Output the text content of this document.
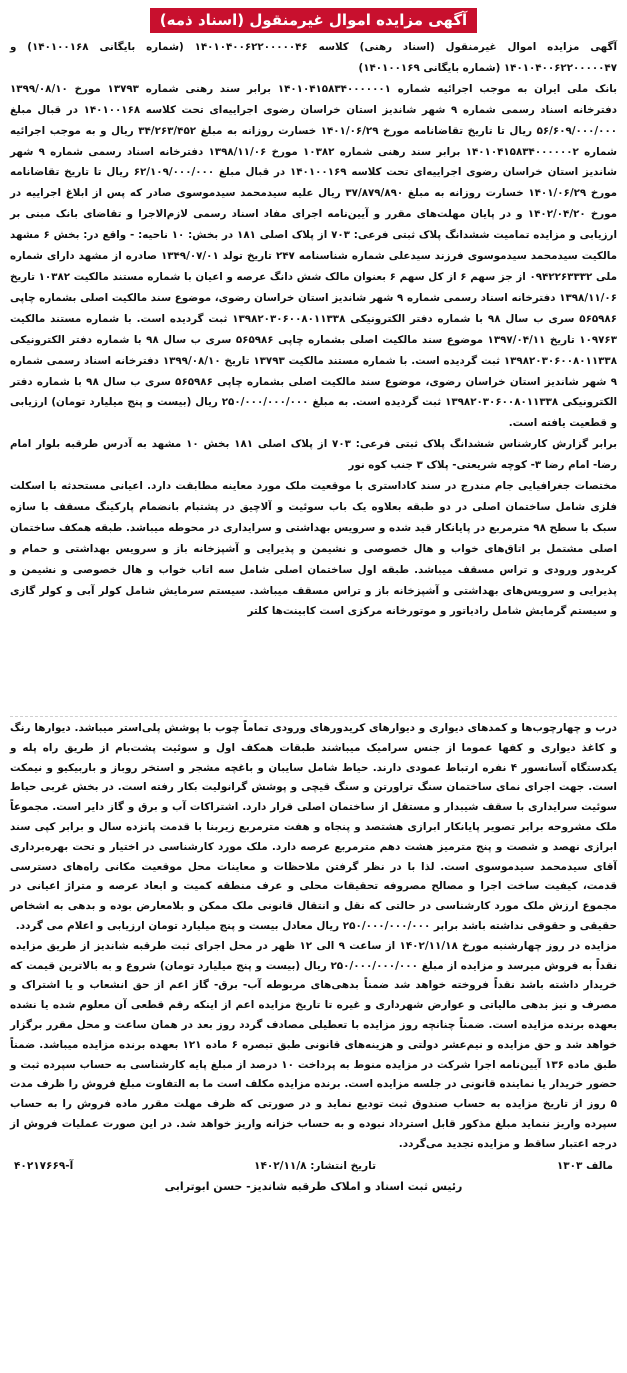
آگهی مزایده اموال غیرمنقول (اسناد ذمه)

آگهی مزایده اموال غیرمنقول (اسناد رهنی) کلاسه ۱۴۰۱۰۴۰۰۶۲۲۰۰۰۰۰۴۶ (شماره بایگانی ۱۴۰۱۰۰۱۶۸) و ۱۴۰۱۰۴۰۰۶۲۲۰۰۰۰۰۴۷ (شماره بایگانی ۱۴۰۱۰۰۱۶۹)

بانک ملی ایران به موجب اجرائیه شماره ۱۴۰۱۰۴۱۵۸۳۴۰۰۰۰۰۰۱ برابر سند رهنی شماره ۱۳۷۹۳ مورخ ۱۳۹۹/۰۸/۱۰ دفترخانه اسناد رسمی شماره ۹ شهر شاندیز استان خراسان رضوی اجراییه‌ای تحت کلاسه ۱۴۰۱۰۰۱۶۸ در قبال مبلغ ۵۶/۶۰۹/۰۰۰/۰۰۰ ریال تا تاریخ تقاضانامه مورخ ۱۴۰۱/۰۶/۲۹ خسارت روزانه به مبلغ ۳۴/۲۶۳/۴۵۲ ریال و به موجب اجرائیه شماره ۱۴۰۱۰۴۱۵۸۳۴۰۰۰۰۰۰۲ برابر سند رهنی شماره ۱۰۳۸۲ مورخ ۱۳۹۸/۱۱/۰۶ دفترخانه اسناد رسمی شماره ۹ شهر شاندیز استان خراسان رضوی اجراییه‌ای تحت کلاسه ۱۴۰۱۰۰۱۶۹ در قبال مبلغ ۶۲/۱۰۹/۰۰۰/۰۰۰ ریال تا تاریخ تقاضانامه مورخ ۱۴۰۱/۰۶/۲۹ خسارت روزانه به مبلغ ۳۷/۸۷۹/۸۹۰ ریال علیه سیدمحمد سیدموسوی صادر که پس از ابلاغ اجراییه در مورخ ۱۴۰۲/۰۴/۲۰ و در پایان مهلت‌های مقرر و آیین‌نامه اجرای مفاد اسناد رسمی لازم‌الاجرا و تقاضای بانک مبنی بر ارزیابی و مزایده تمامیت ششدانگ پلاک ثبتی فرعی: ۷۰۳ از پلاک اصلی ۱۸۱ در بخش: ۱۰ ناحیه: - واقع در: بخش ۶ مشهد مالکیت سیدمحمد سیدموسوی فرزند سیدعلی شماره شناسنامه ۲۴۷ تاریخ تولد ۱۳۴۹/۰۷/۰۱ صادره از مشهد دارای شماره ملی ۰۹۴۲۲۶۳۳۳۲ از جز سهم ۶ از کل سهم ۶ بعنوان مالک شش دانگ عرصه و اعیان با شماره مستند مالکیت ۱۰۳۸۲ تاریخ ۱۳۹۸/۱۱/۰۶ دفترخانه اسناد رسمی شماره ۹ شهر شاندیز استان خراسان رضوی، موضوع سند مالکیت اصلی بشماره چاپی ۵۶۵۹۸۶ سری ب سال ۹۸ با شماره دفتر الکترونیکی ۱۳۹۸۲۰۳۰۶۰۰۸۰۱۱۳۳۸ ثبت گردیده است. با شماره مستند مالکیت ۱۰۹۷۶۳ تاریخ ۱۳۹۷/۰۴/۱۱ موضوع سند مالکیت اصلی بشماره چاپی ۵۶۵۹۸۶ سری ب سال ۹۸ با شماره دفتر الکترونیکی ۱۳۹۸۲۰۳۰۶۰۰۸۰۱۱۳۳۸ ثبت گردیده است. با شماره مستند مالکیت ۱۳۷۹۳ تاریخ ۱۳۹۹/۰۸/۱۰ دفترخانه اسناد رسمی شماره ۹ شهر شاندیز استان خراسان رضوی، موضوع سند مالکیت اصلی بشماره چاپی ۵۶۵۹۸۶ سری ب سال ۹۸ با شماره دفتر الکترونیکی ۱۳۹۸۲۰۳۰۶۰۰۸۰۱۱۳۳۸ ثبت گردیده است. به مبلغ ۲۵۰/۰۰۰/۰۰۰/۰۰۰ ریال (بیست و پنج میلیارد تومان) ارزیابی و قطعیت یافته است.

برابر گزارش کارشناس ششدانگ پلاک ثبتی فرعی: ۷۰۳ از پلاک اصلی ۱۸۱ بخش ۱۰ مشهد به آدرس طرقبه بلوار امام رضا- امام رضا ۳- کوچه شریعتی- پلاک ۳ جنب کوه نور

مختصات جغرافیایی جام مندرج در سند کاداستری با موقعیت ملک مورد معاینه مطابقت دارد. اعیانی مستحدثه با اسکلت فلزی شامل ساختمان اصلی در دو طبقه بعلاوه یک باب سوئیت و آلاچیق در پشتبام بانضمام پارکینگ مسقف با سازه سبک با سطح ۹۸ مترمربع در پایانکار قید شده و سرویس بهداشتی و سرایداری در محوطه میباشد. طبقه همکف ساختمان اصلی مشتمل بر اتاق‌های خواب و هال خصوصی و نشیمن و پذیرایی و آشپزخانه باز و سرویس بهداشتی و حمام و کریدور ورودی و تراس مسقف میباشد. طبقه اول ساختمان اصلی شامل سه اتاب خواب و هال خصوصی و نشیمن و پذیرایی و سرویس‌های بهداشتی و آشپزخانه باز و تراس مسقف میباشد. سیستم سرمایش شامل کولر آبی و کولر گازی و سیستم گرمایش شامل رادیاتور و موتورخانه مرکزی است کابینت‌ها کلتر

درب و چهارچوب‌ها و کمدهای دیواری و دیوارهای کریدورهای ورودی تماماً چوب با پوشش پلی‌استر میباشد. دیوارها رنگ و کاغذ دیواری و کفها عموما از جنس سرامیک میباشند طبقات همکف اول و سوئیت پشت‌بام از طریق راه پله و یکدستگاه آسانسور ۴ نفره ارتباط عمودی دارند. حیاط شامل سایبان و باغچه مشجر و استخر روباز و باربیکیو و نیمکت است. جهت اجرای نمای ساختمان سنگ تراورتن و سنگ قیچی و پوشش گرانولیت بکار رفته است. در بخش غربی حیاط سوئیت سرایداری با سقف شیبدار و مستقل از ساختمان اصلی قرار دارد. اشتراکات آب و برق و گاز دایر است. مجموعاً ملک مشروحه برابر تصویر پایانکار ابرازی هشتصد و پنجاه و هفت مترمربع زیربنا با قدمت پانزده سال و برابر کپی سند ابرازی نهصد و شصت و پنج مترمیز هشت دهم مترمربع عرصه دارد. ملک مورد کارشناسی در اختیار و تحت بهره‌برداری آقای سیدمحمد سیدموسوی است. لذا با در نظر گرفتن ملاحظات و معاینات محل موقعیت مکانی راه‌های دسترسی قدمت، کیفیت ساخت اجرا و مصالح مصروفه تحقیقات محلی و عرف منطقه کمیت و ابعاد عرصه و متراژ اعیانی در مجموع ارزش ملک مورد کارشناسی در حالتی که نقل و انتقال قانونی ملک ممکن و بلامعارض بوده و بدهی به اشخاص حقیقی و حقوقی نداشته باشد برابر ۲۵۰/۰۰۰/۰۰۰/۰۰۰ ریال معادل بیست و پنج میلیارد تومان ارزیابی و اعلام می گردد.

مزایده در روز چهارشنبه مورخ ۱۴۰۲/۱۱/۱۸ از ساعت ۹ الی ۱۲ ظهر در محل اجرای ثبت طرقبه شاندیز از طریق مزایده نقداً به فروش میرسد و مزایده از مبلغ ۲۵۰/۰۰۰/۰۰۰/۰۰۰ ریال (بیست و پنج میلیارد تومان) شروع و به بالاترین قیمت که خریدار داشته باشد نقداً فروخته خواهد شد ضمناً بدهی‌های مربوطه آب- برق- گاز اعم از حق انشعاب و یا اشتراک و مصرف و نیز بدهی مالیاتی و عوارض شهرداری و غیره تا تاریخ مزایده اعم از اینکه رقم قطعی آن معلوم شده یا نشده بعهده برنده مزایده است. ضمناً چنانچه روز مزایده با تعطیلی مصادف گردد روز بعد در همان ساعت و محل مقرر برگزار خواهد شد و حق مزایده و نیم‌عشر دولتی و هزینه‌های قانونی طبق تبصره ۶ ماده ۱۲۱ بعهده برنده مزایده میباشد. ضمناً طبق ماده ۱۳۶ آیین‌نامه اجرا شرکت در مزایده منوط به پرداخت ۱۰ درصد از مبلغ پایه کارشناسی به حساب سپرده ثبت و حضور خریدار یا نماینده قانونی در جلسه مزایده است. برنده مزایده مکلف است ما به التفاوت مبلغ فروش را ظرف مدت ۵ روز از تاریخ مزایده به حساب صندوق ثبت تودیع نماید و در صورتی که ظرف مهلت مقرر ماده فروش را به حساب سپرده واریز ننماید مبلغ مذکور قابل استرداد نبوده و به حساب خزانه واریز خواهد شد. در این صورت عملیات فروش از درجه اعتبار ساقط و مزایده تجدید می‌گردد.

مالف ۱۳۰۳
تاریخ انتشار: ۱۴۰۲/۱۱/۸
آ-۴۰۲۱۷۶۶۹
رئیس ثبت اسناد و املاک طرقبه شاندیز- حسن ابوترابی
